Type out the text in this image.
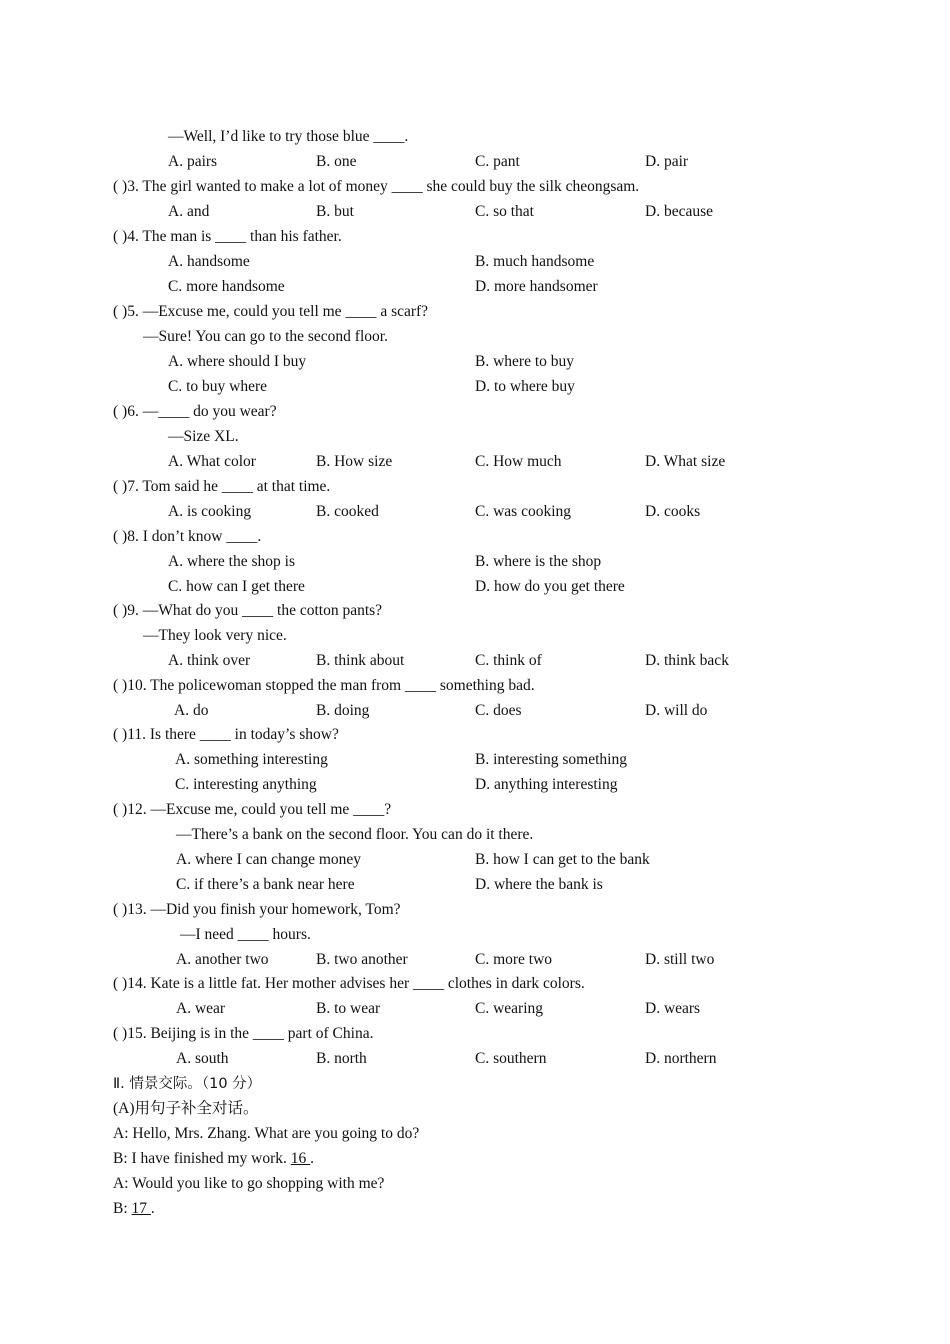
—Well, I’d like to try those blue ____.
A. pairs	B. one	C. pant	D. pair
( )3. The girl wanted to make a lot of money ____ she could buy the silk cheongsam.
A. and	B. but	C. so that	D. because
( )4. The man is ____ than his father.
A. handsome	B. much handsome
C. more handsome	D. more handsomer
( )5. —Excuse me, could you tell me ____ a scarf?
—Sure! You can go to the second floor.
A. where should I buy	B. where to buy
C. to buy where	D. to where buy
( )6. —____ do you wear?
—Size XL.
A. What color	B. How size	C. How much	D. What size
( )7. Tom said he ____ at that time.
A. is cooking	B. cooked	C. was cooking	D. cooks
( )8. I don’t know ____.
A. where the shop is	B. where is the shop
C. how can I get there	D. how do you get there
( )9. —What do you ____ the cotton pants?
—They look very nice.
A. think over	B. think about	C. think of	D. think back
( )10. The policewoman stopped the man from ____ something bad.
A. do	B. doing	C. does	D. will do
( )11. Is there ____ in today’s show?
A. something interesting	B. interesting something
C. interesting anything	D. anything interesting
( )12. —Excuse me, could you tell me ____?
—There’s a bank on the second floor. You can do it there.
A. where I can change money	B. how I can get to the bank
C. if there’s a bank near here	D. where the bank is
( )13. —Did you finish your homework, Tom?
—I need ____ hours.
A. another two	B. two another	C. more two	D. still two
( )14. Kate is a little fat. Her mother advises her ____ clothes in dark colors.
A. wear	B. to wear	C. wearing	D. wears
( )15. Beijing is in the ____ part of China.
A. south	B. north	C. southern	D. northern
Ⅱ. 情景交际。（10 分）
(A)用句子补全对话。
A: Hello, Mrs. Zhang. What are you going to do?
B: I have finished my work. 16 .
A: Would you like to go shopping with me?
B: 17 .
